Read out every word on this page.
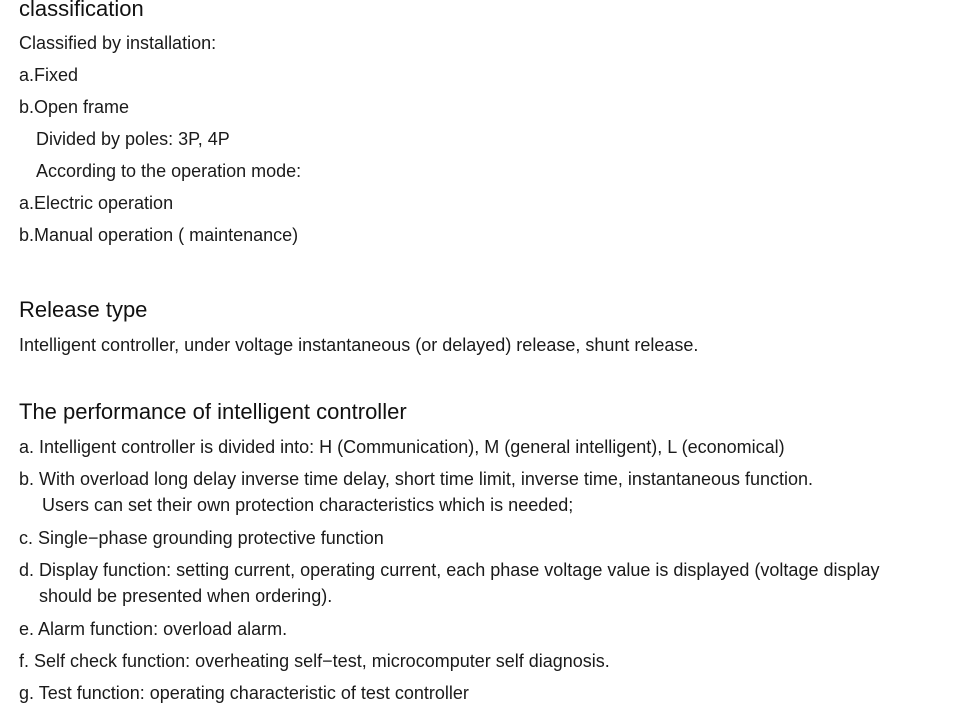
classification
Classified by installation:
a.Fixed
b.Open frame
Divided by poles: 3P, 4P
According to the operation mode:
a.Electric operation
b.Manual operation ( maintenance)
Release type
Intelligent controller, under voltage instantaneous (or delayed) release, shunt release.
The performance of intelligent controller
a. Intelligent controller is divided into: H (Communication), M (general intelligent), L (economical)
b. With overload long delay inverse time delay, short time limit, inverse time, instantaneous function.
Users can set their own protection characteristics which is needed;
c. Single−phase grounding protective function
d. Display function: setting current, operating current, each phase voltage value is displayed (voltage display
should be presented when ordering).
e. Alarm function: overload alarm.
f. Self check function: overheating self−test, microcomputer self diagnosis.
g. Test function: operating characteristic of test controller
